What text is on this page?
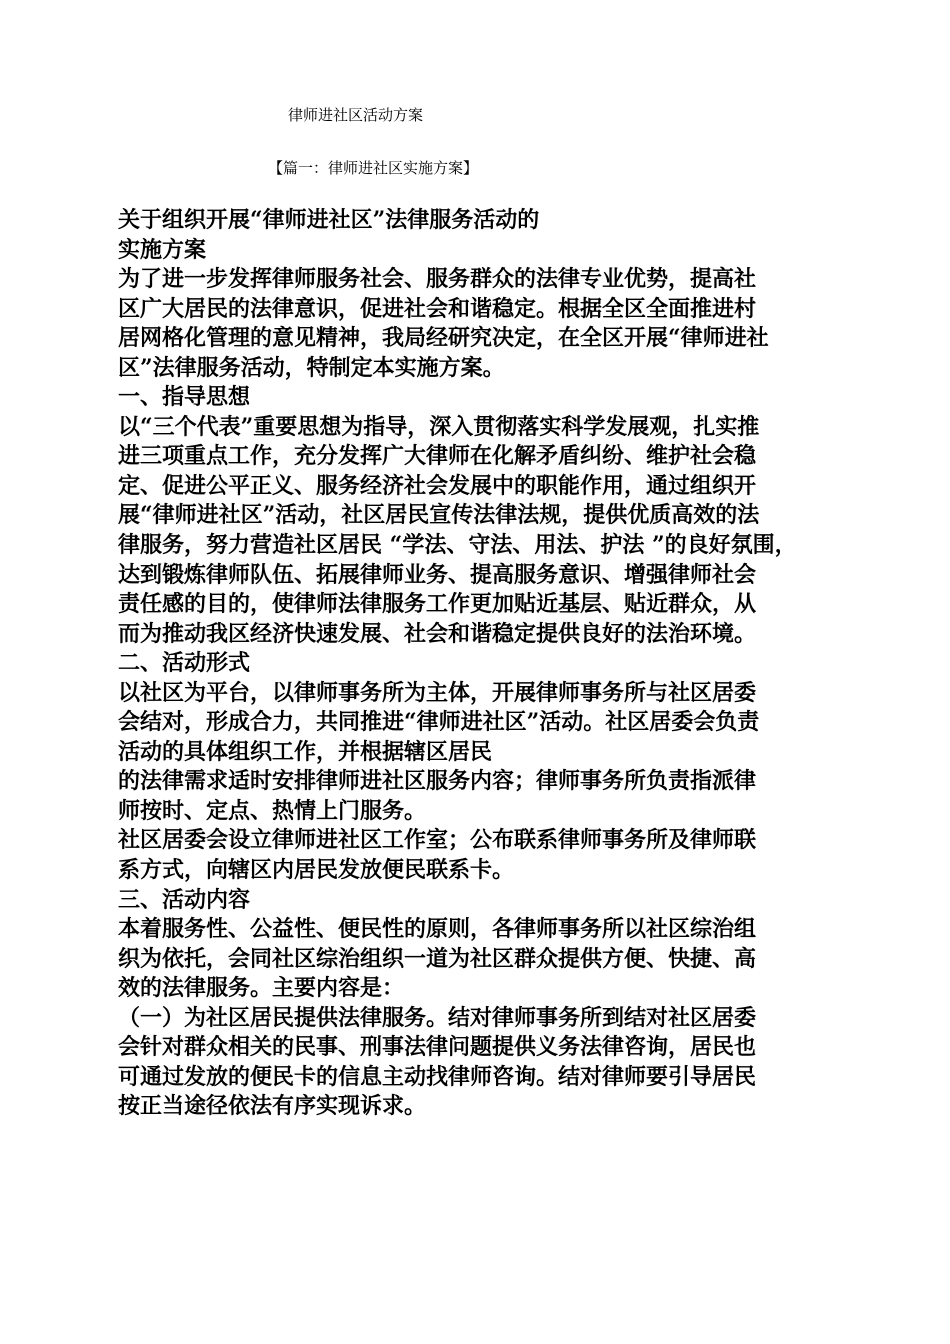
律师进社区活动方案
【篇一：律师进社区实施方案】
关于组织开展“律师进社区”法律服务活动的
实施方案
为了进一步发挥律师服务社会、服务群众的法律专业优势，提高社
区广大居民的法律意识，促进社会和谐稳定。根据全区全面推进村
居网格化管理的意见精神，我局经研究决定，在全区开展“律师进社
区”法律服务活动，特制定本实施方案。
一、指导思想
以“三个代表”重要思想为指导，深入贯彻落实科学发展观，扎实推
进三项重点工作，充分发挥广大律师在化解矛盾纠纷、维护社会稳
定、促进公平正义、服务经济社会发展中的职能作用，通过组织开
展“律师进社区”活动，社区居民宣传法律法规，提供优质高效的法
律服务，努力营造社区居民 “学法、守法、用法、护法 ”的良好氛围，
达到锻炼律师队伍、拓展律师业务、提高服务意识、增强律师社会
责任感的目的，使律师法律服务工作更加贴近基层、贴近群众，从
而为推动我区经济快速发展、社会和谐稳定提供良好的法治环境。
二、活动形式
以社区为平台，以律师事务所为主体，开展律师事务所与社区居委
会结对，形成合力，共同推进“律师进社区”活动。社区居委会负责
活动的具体组织工作，并根据辖区居民
的法律需求适时安排律师进社区服务内容；律师事务所负责指派律
师按时、定点、热情上门服务。
社区居委会设立律师进社区工作室；公布联系律师事务所及律师联
系方式，向辖区内居民发放便民联系卡。
三、活动内容
本着服务性、公益性、便民性的原则，各律师事务所以社区综治组
织为依托，会同社区综治组织一道为社区群众提供方便、快捷、高
效的法律服务。主要内容是：
（一）为社区居民提供法律服务。结对律师事务所到结对社区居委
会针对群众相关的民事、刑事法律问题提供义务法律咨询，居民也
可通过发放的便民卡的信息主动找律师咨询。结对律师要引导居民
按正当途径依法有序实现诉求。
